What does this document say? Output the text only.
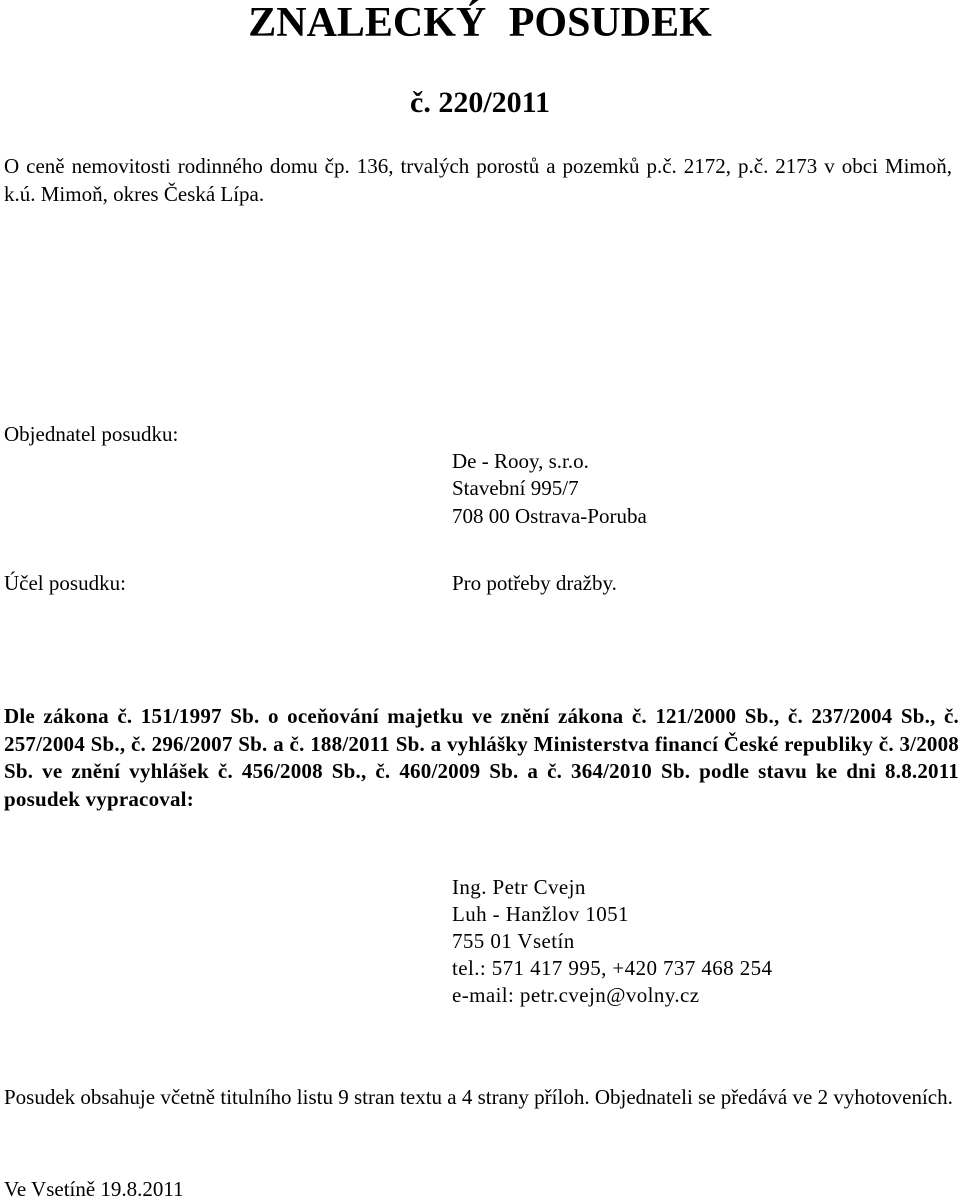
ZNALECKÝ POSUDEK
č. 220/2011

O ceně nemovitosti rodinného domu čp. 136, trvalých porostů a pozemků p.č. 2172, p.č. 2173 v obci Mimoň, k.ú. Mimoň, okres Česká Lípa.

Objednatel posudku:
De - Rooy, s.r.o.
Stavební 995/7
708 00 Ostrava-Poruba
Účel posudku:	Pro potřeby dražby.

Dle zákona č. 151/1997 Sb. o oceňování majetku ve znění zákona č. 121/2000 Sb., č. 237/2004 Sb., č. 257/2004 Sb., č. 296/2007 Sb. a č. 188/2011 Sb. a vyhlášky Ministerstva financí České republiky č. 3/2008 Sb. ve znění vyhlášek č. 456/2008 Sb., č. 460/2009 Sb. a č. 364/2010 Sb. podle stavu ke dni 8.8.2011 posudek vypracoval:

Ing. Petr Cvejn
Luh - Hanžlov 1051
755 01 Vsetín
tel.: 571 417 995, +420 737 468 254
e-mail: petr.cvejn@volny.cz

Posudek obsahuje včetně titulního listu 9 stran textu a 4 strany příloh. Objednateli se předává ve 2 vyhotoveních.

Ve Vsetíně 19.8.2011
